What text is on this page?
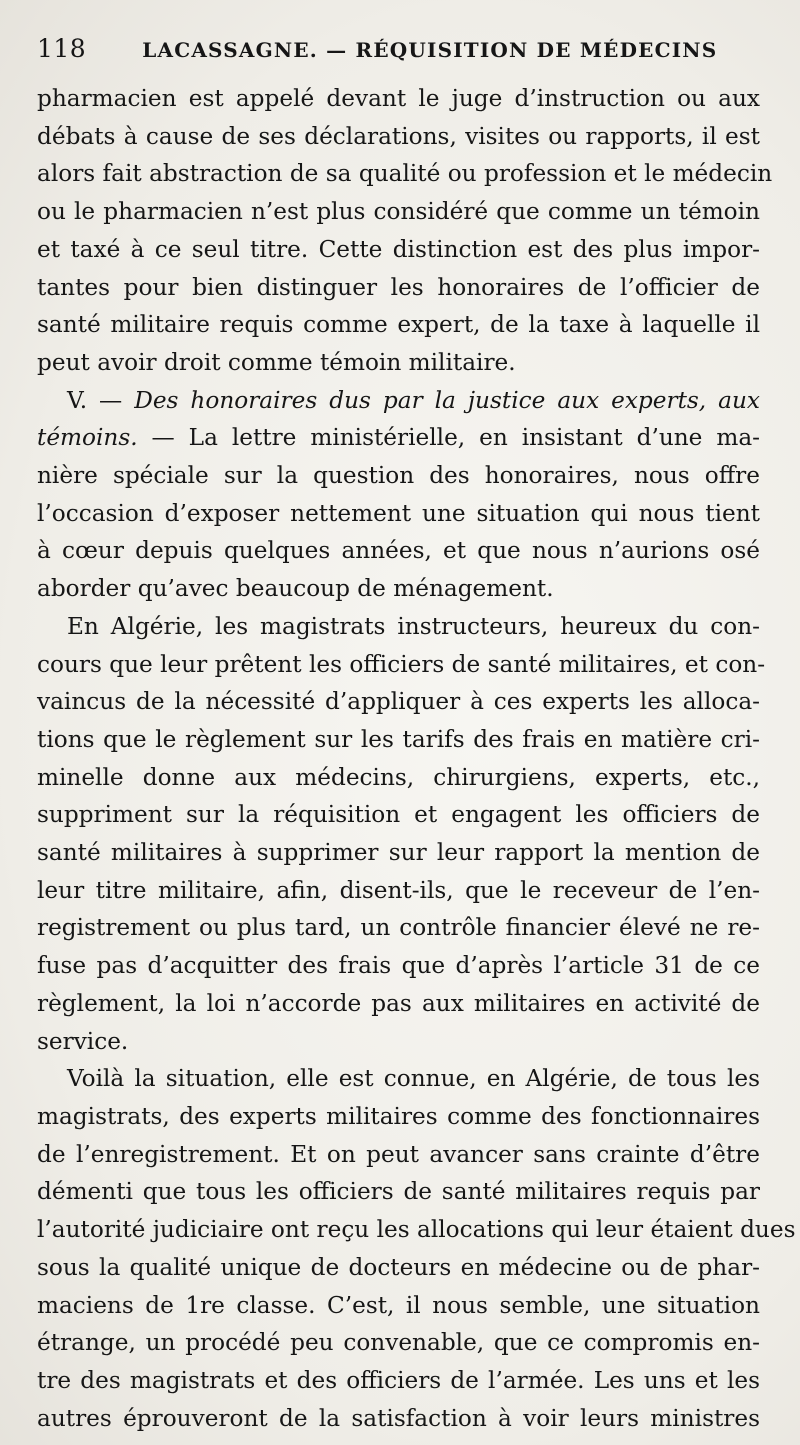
118	LACASSAGNE. — RÉQUISITION DE MÉDECINS
pharmacien est appelé devant le juge d’instruction ou aux
débats à cause de ses déclarations, visites ou rapports, il est
alors fait abstraction de sa qualité ou profession et le médecin
ou le pharmacien n’est plus considéré que comme un témoin
et taxé à ce seul titre. Cette distinction est des plus impor-
tantes pour bien distinguer les honoraires de l’officier de
santé militaire requis comme expert, de la taxe à laquelle il
peut avoir droit comme témoin militaire.
V. — Des honoraires dus par la justice aux experts, aux
témoins. — La lettre ministérielle, en insistant d’une ma-
nière spéciale sur la question des honoraires, nous offre
l’occasion d’exposer nettement une situation qui nous tient
à cœur depuis quelques années, et que nous n’aurions osé
aborder qu’avec beaucoup de ménagement.
En Algérie, les magistrats instructeurs, heureux du con-
cours que leur prêtent les officiers de santé militaires, et con-
vaincus de la nécessité d’appliquer à ces experts les alloca-
tions que le règlement sur les tarifs des frais en matière cri-
minelle donne aux médecins, chirurgiens, experts, etc.,
suppriment sur la réquisition et engagent les officiers de
santé militaires à supprimer sur leur rapport la mention de
leur titre militaire, afin, disent-ils, que le receveur de l’en-
registrement ou plus tard, un contrôle financier élevé ne re-
fuse pas d’acquitter des frais que d’après l’article 31 de ce
règlement, la loi n’accorde pas aux militaires en activité de
service.
Voilà la situation, elle est connue, en Algérie, de tous les
magistrats, des experts militaires comme des fonctionnaires
de l’enregistrement. Et on peut avancer sans crainte d’être
démenti que tous les officiers de santé militaires requis par
l’autorité judiciaire ont reçu les allocations qui leur étaient dues
sous la qualité unique de docteurs en médecine ou de phar-
maciens de 1re classe. C’est, il nous semble, une situation
étrange, un procédé peu convenable, que ce compromis en-
tre des magistrats et des officiers de l’armée. Les uns et les
autres éprouveront de la satisfaction à voir leurs ministres
